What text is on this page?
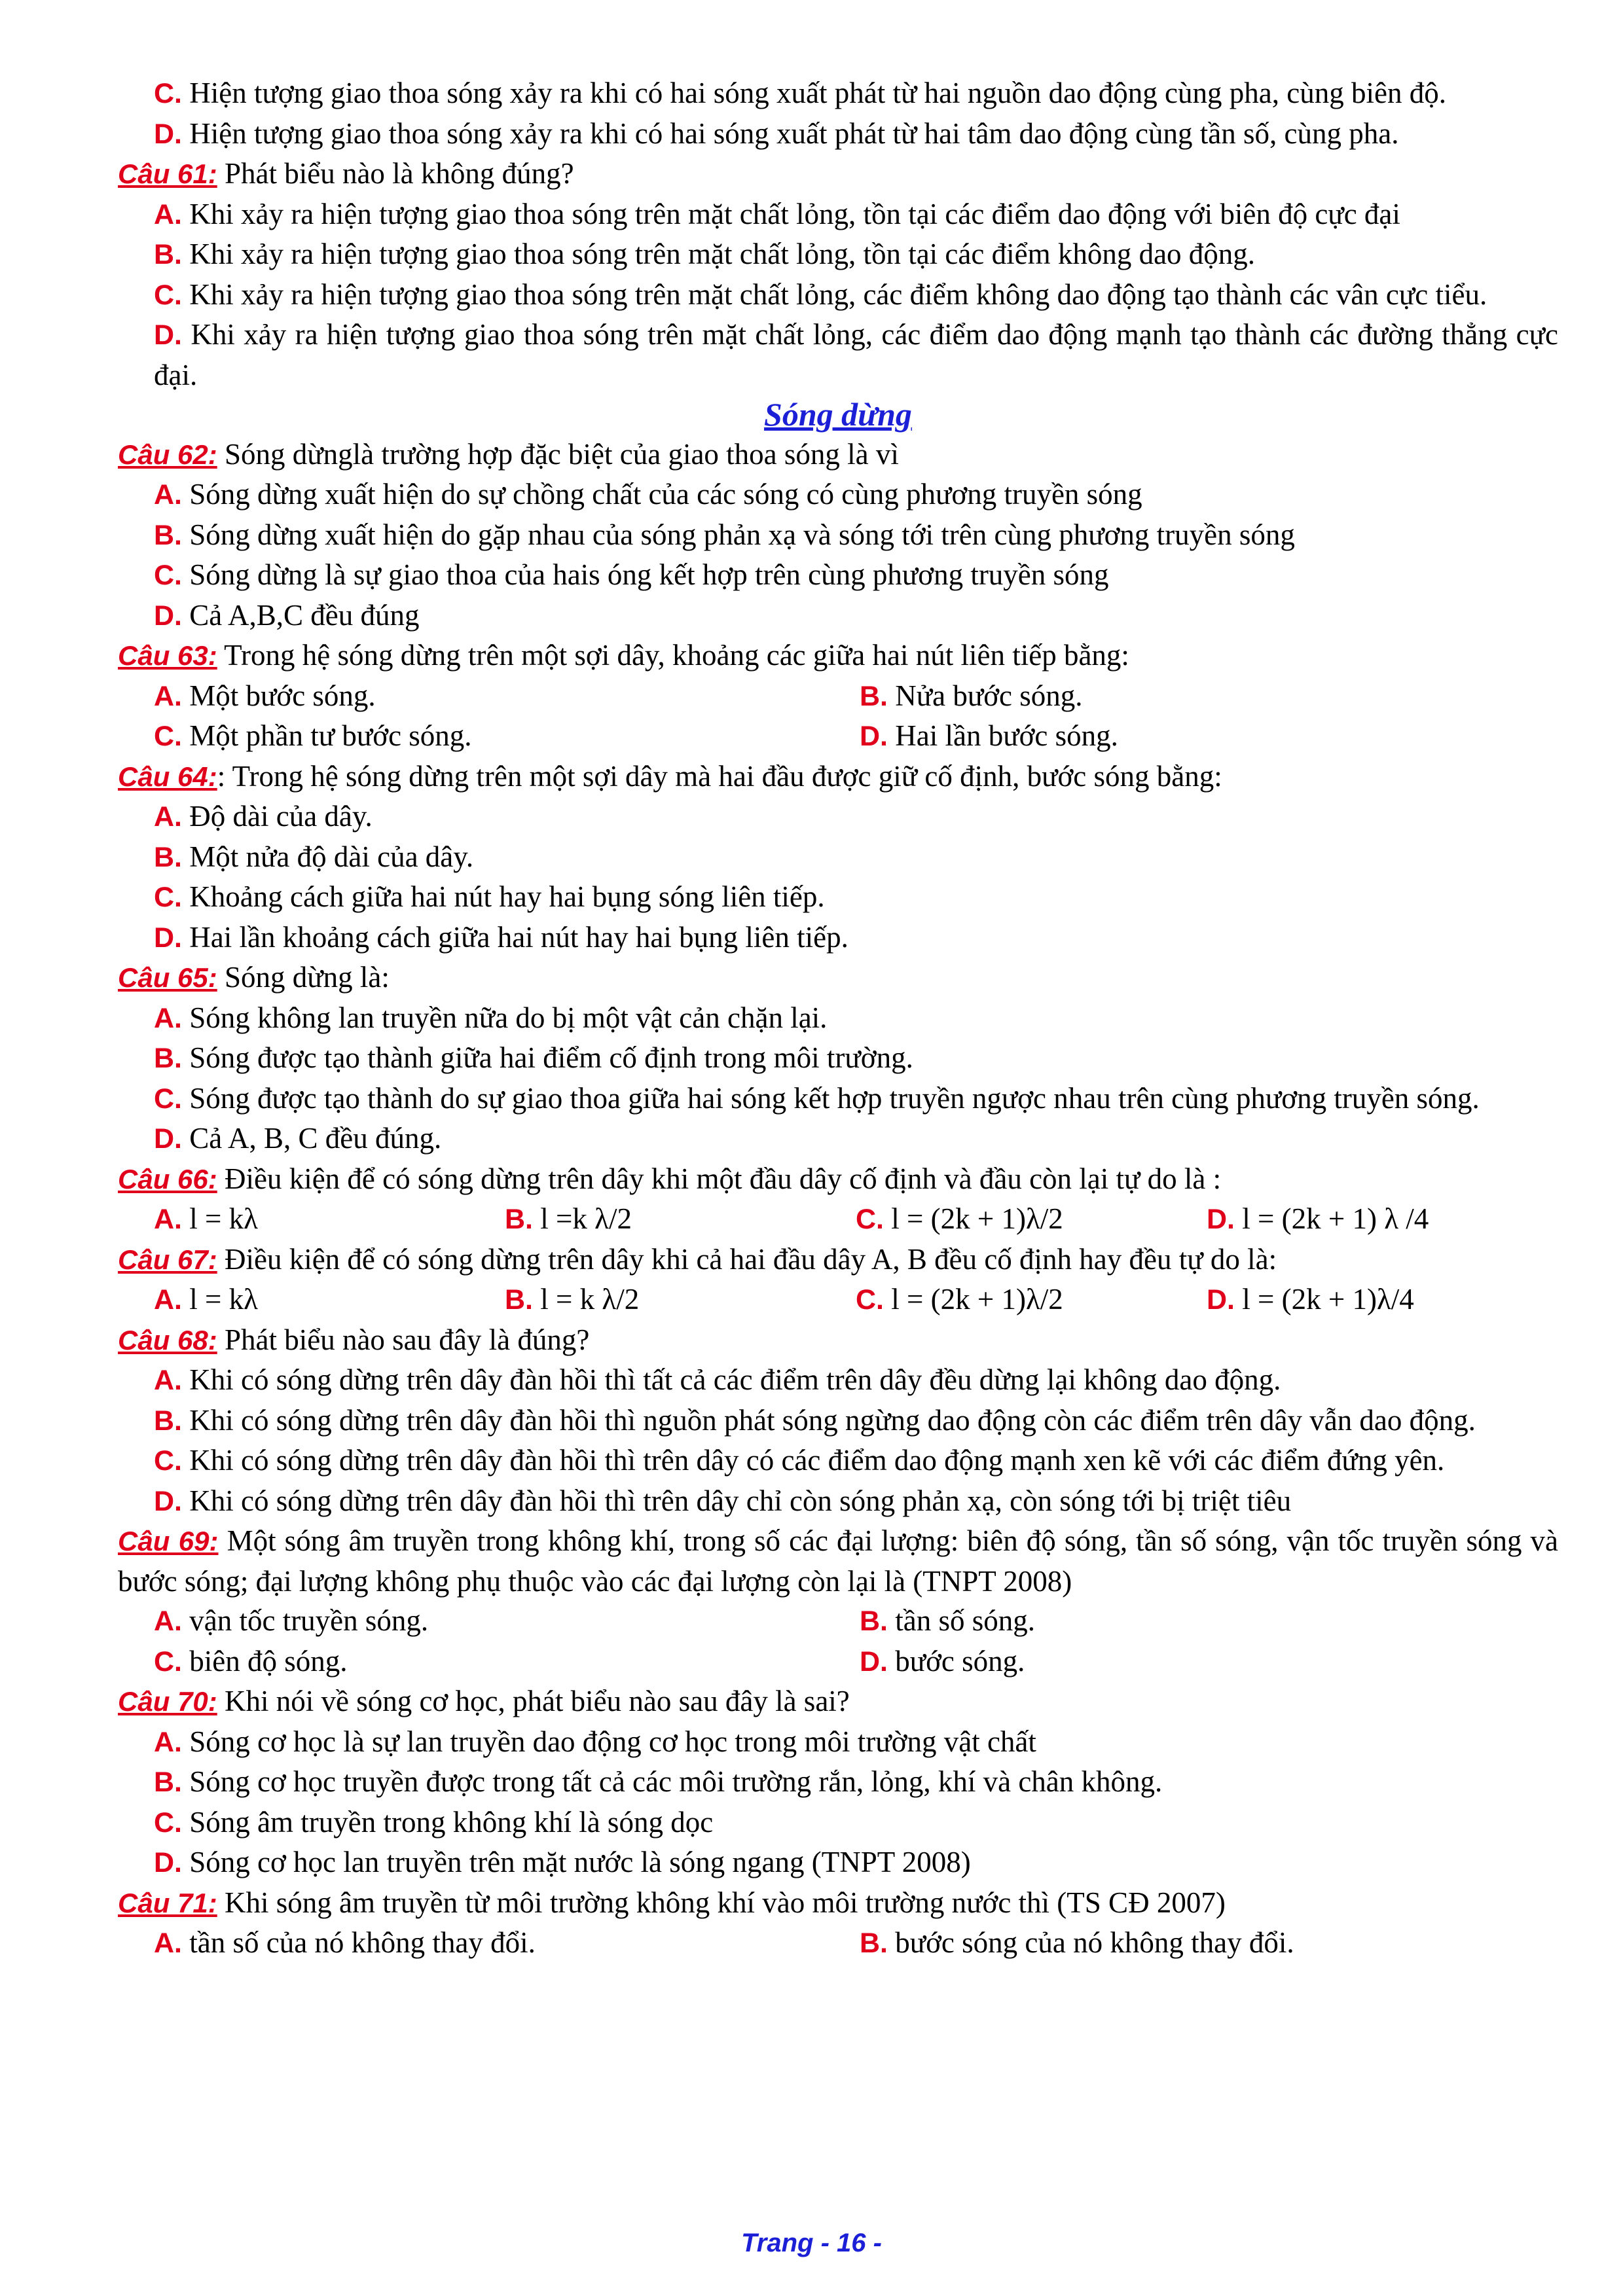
C. Hiện tượng giao thoa sóng xảy ra khi có hai sóng xuất phát từ hai nguồn dao động cùng pha, cùng biên độ.
D. Hiện tượng giao thoa sóng xảy ra khi có hai sóng xuất phát từ hai tâm dao động cùng tần số, cùng pha.
Câu 61: Phát biểu nào là không đúng?
A. Khi xảy ra hiện tượng giao thoa sóng trên mặt chất lỏng, tồn tại các điểm dao động với biên độ cực đại
B. Khi xảy ra hiện tượng giao thoa sóng trên mặt chất lỏng, tồn tại các điểm không dao động.
C. Khi xảy ra hiện tượng giao thoa sóng trên mặt chất lỏng, các điểm không dao động tạo thành các vân cực tiểu.
D. Khi xảy ra hiện tượng giao thoa sóng trên mặt chất lỏng, các điểm dao động mạnh tạo thành các đường thẳng cực đại.
Sóng dừng
Câu 62: Sóng dừnglà trường hợp đặc biệt của giao thoa sóng là vì
A. Sóng dừng xuất hiện do sự chồng chất của các sóng có cùng phương truyền sóng
B. Sóng dừng xuất hiện do gặp nhau của sóng phản xạ và sóng tới trên cùng phương truyền sóng
C. Sóng dừng là sự giao thoa của hais óng kết hợp trên cùng phương truyền sóng
D. Cả A,B,C đều đúng
Câu 63: Trong hệ sóng dừng trên một sợi dây, khoảng các giữa hai nút liên tiếp bằng:
A. Một bước sóng.	B. Nửa bước sóng.
C. Một phần tư bước sóng.	D. Hai lần bước sóng.
Câu 64:: Trong hệ sóng dừng trên một sợi dây mà hai đầu được giữ cố định, bước sóng bằng:
A. Độ dài của dây.
B. Một nửa độ dài của dây.
C. Khoảng cách giữa hai nút hay hai bụng sóng liên tiếp.
D. Hai lần khoảng cách giữa hai nút hay hai bụng liên tiếp.
Câu 65: Sóng dừng là:
A. Sóng không lan truyền nữa do bị một vật cản chặn lại.
B. Sóng được tạo thành giữa hai điểm cố định trong môi trường.
C. Sóng được tạo thành do sự giao thoa giữa hai sóng kết hợp truyền ngược nhau trên cùng phương truyền sóng.
D. Cả A, B, C đều đúng.
Câu 66: Điều kiện để có sóng dừng trên dây khi một đầu dây cố định và đầu còn lại tự do là :
A. l = kλ	B. l =k λ/2	C. l = (2k + 1)λ/2	D. l = (2k + 1) λ /4
Câu 67: Điều kiện để có sóng dừng trên dây khi cả hai đầu dây A, B đều cố định hay đều tự do là:
A. l = kλ	B. l = k λ/2	C. l = (2k + 1)λ/2	D. l = (2k + 1)λ/4
Câu 68: Phát biểu nào sau đây là đúng?
A. Khi có sóng dừng trên dây đàn hồi thì tất cả các điểm trên dây đều dừng lại không dao động.
B. Khi có sóng dừng trên dây đàn hồi thì nguồn phát sóng ngừng dao động còn các điểm trên dây vẫn dao động.
C. Khi có sóng dừng trên dây đàn hồi thì trên dây có các điểm dao động mạnh xen kẽ với các điểm đứng yên.
D. Khi có sóng dừng trên dây đàn hồi thì trên dây chỉ còn sóng phản xạ, còn sóng tới bị triệt tiêu
Câu 69: Một sóng âm truyền trong không khí, trong số các đại lượng: biên độ sóng, tần số sóng, vận tốc truyền sóng và bước sóng; đại lượng không phụ thuộc vào các đại lượng còn lại là (TNPT 2008)
A. vận tốc truyền sóng.	B. tần số sóng.
C. biên độ sóng.	D. bước sóng.
Câu 70: Khi nói về sóng cơ học, phát biểu nào sau đây là sai?
A. Sóng cơ học là sự lan truyền dao động cơ học trong môi trường vật chất
B. Sóng cơ học truyền được trong tất cả các môi trường rắn, lỏng, khí và chân không.
C. Sóng âm truyền trong không khí là sóng dọc
D. Sóng cơ học lan truyền trên mặt nước là sóng ngang (TNPT 2008)
Câu 71: Khi sóng âm truyền từ môi trường không khí vào môi trường nước thì (TS CĐ 2007)
A. tần số của nó không thay đổi.	B. bước sóng của nó không thay đổi.
Trang - 16 -
